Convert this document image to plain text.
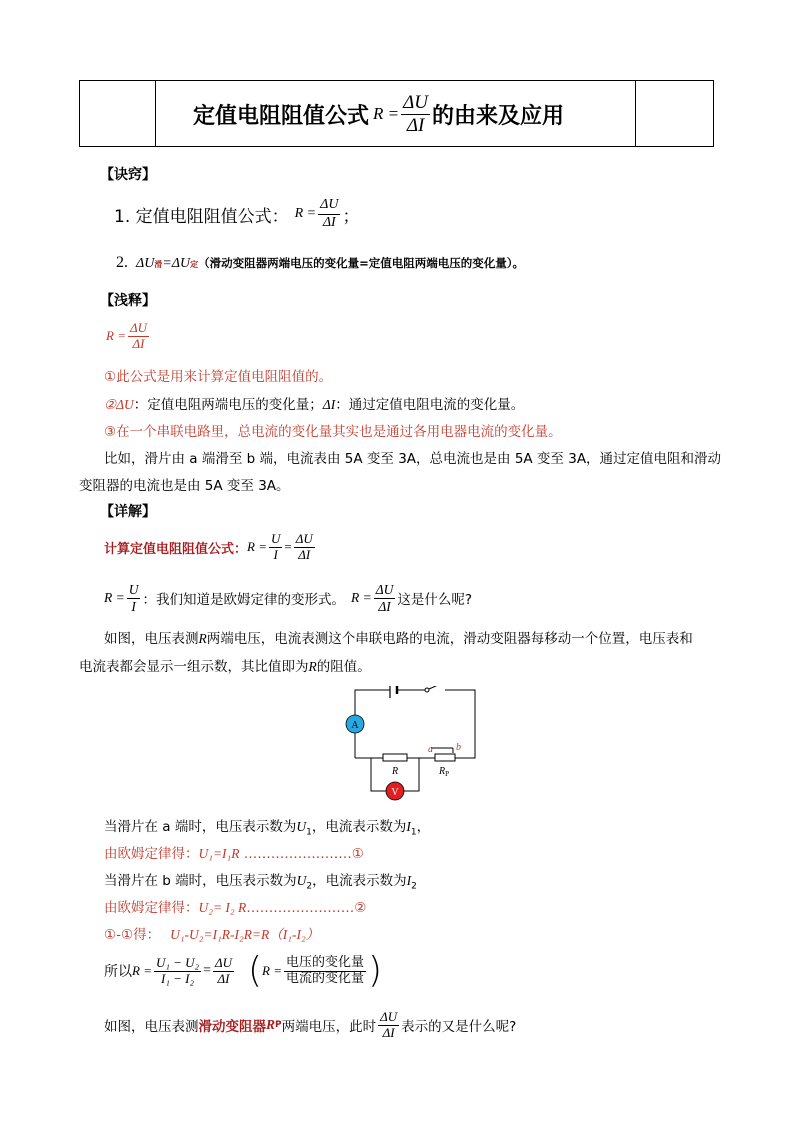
定值电阻阻值公式 $R = \frac{\Delta U}{\Delta I}$ 的由来及应用
【诀窍】
1. 定值电阻阻值公式： $R = \frac{\Delta U}{\Delta I}$ ；
2. ΔU 滑 =ΔU 定 （滑动变阻器两端电压的变化量=定值电阻两端电压的变化量）。
【浅释】
$R = \frac{\Delta U}{\Delta I}$
①此公式是用来计算定值电阻阻值的。
②ΔU：定值电阻两端电压的变化量；ΔI：通过定值电阻电流的变化量。
③在一个串联电路里，总电流的变化量其实也是通过各用电器电流的变化量。
比如，滑片由 a 端滑至 b 端，电流表由 5A 变至 3A，总电流也是由 5A 变至 3A，通过定值电阻和滑动
变阻器的电流也是由 5A 变至 3A。
【详解】
计算定值电阻阻值公式： $R = \frac{U}{I} = \frac{\Delta U}{\Delta I}$
$R = \frac{U}{I}$ ：我们知道是欧姆定律的变形式。 $R = \frac{\Delta U}{\Delta I}$ 这是什么呢?
如图，电压表测R两端电压，电流表测这个串联电路的电流，滑动变阻器每移动一个位置，电压表和
电流表都会显示一组示数，其比值即为R的阻值。
A
R
a b
$R_P$
V
当滑片在 a 端时，电压表示数为$U_1$，电流表示数为$I_1$，
由欧姆定律得：U₁=I₁R ……………………①
当滑片在 b 端时，电压表示数为$U_2$，电流表示数为$I_2$
由欧姆定律得：U₂= I₂ R……………………②
①-①得： U₁-U₂=I₁R-I₂R=R（I₁-I₂）
所以 $R = \frac{\text{U₁ − U₂}}{\text{I₁ − I₂}} = \frac{\Delta U}{\Delta I}$ ( $R = \frac{\text{电压的变化量}}{\text{电流的变化量}}$ )
如图，电压表测 滑动变阻器 R P 两端电压，此时 $\frac{\Delta U}{\Delta I}$ 表示的又是什么呢?
